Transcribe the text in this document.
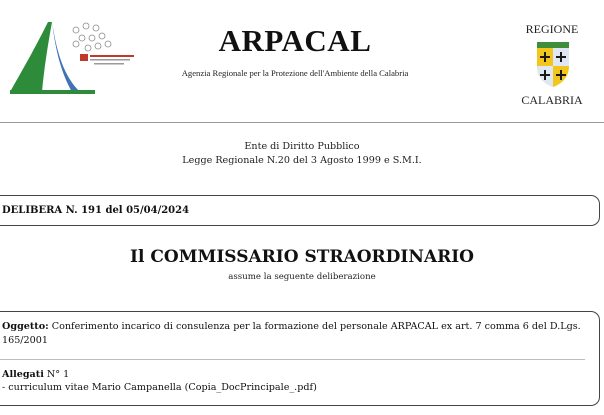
ARPACAL
Agenzia Regionale per la Protezione dell'Ambiente della Calabria
REGIONE
CALABRIA
Ente di Diritto Pubblico
Legge Regionale N.20 del 3 Agosto 1999 e S.M.I.
DELIBERA N. 191 del 05/04/2024
Il COMMISSARIO STRAORDINARIO
assume la seguente deliberazione
Oggetto: Conferimento incarico di consulenza per la formazione del personale ARPACAL ex art. 7 comma 6 del D.Lgs. 165/2001
Allegati N° 1
- curriculum vitae Mario Campanella (Copia_DocPrincipale_.pdf)
